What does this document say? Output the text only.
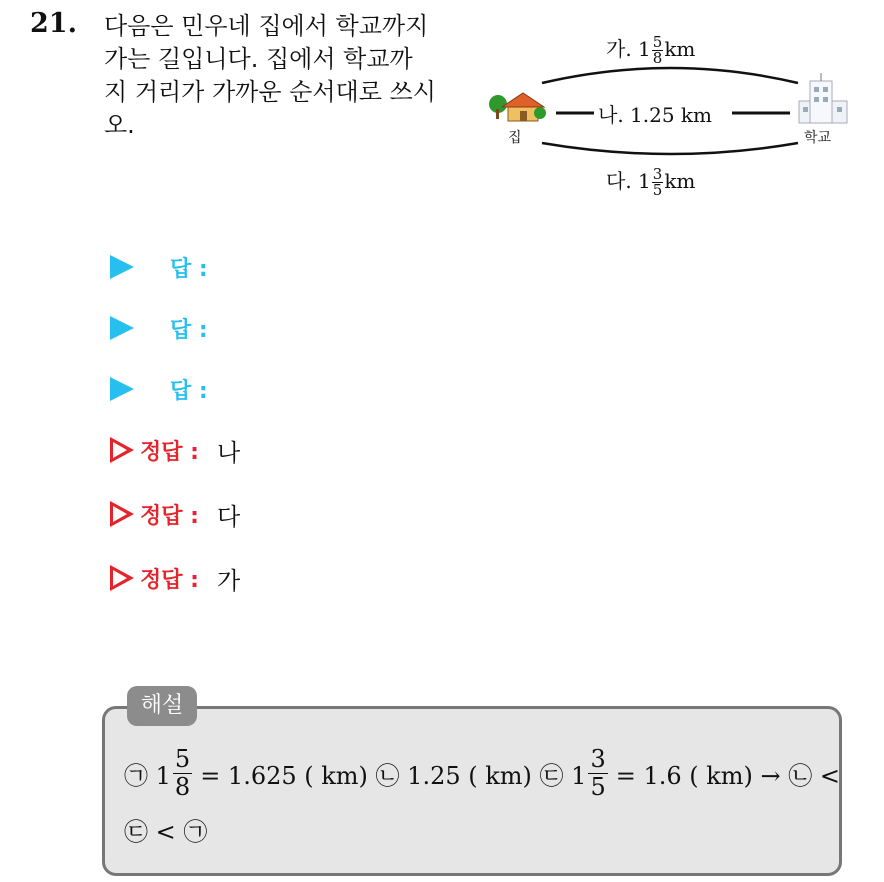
21. 다음은 민우네 집에서 학교까지
가는 길입니다. 집에서 학교까
지 거리가 가까운 순서대로 쓰시
오.
가. $1 \frac{5}{8}$ km
나. 1.25 km
다. $1 \frac{3}{5}$ km
집	학교
답 :
답 :
답 :
정답 : 나
정답 : 다
정답 : 가
해설
㉠ $1 \frac{5}{8} = 1.625$ ( km) ㉡ 1.25 ( km) ㉢ $1 \frac{3}{5} = 1.6$ ( km) → ㉡ <
㉢ < ㉠
